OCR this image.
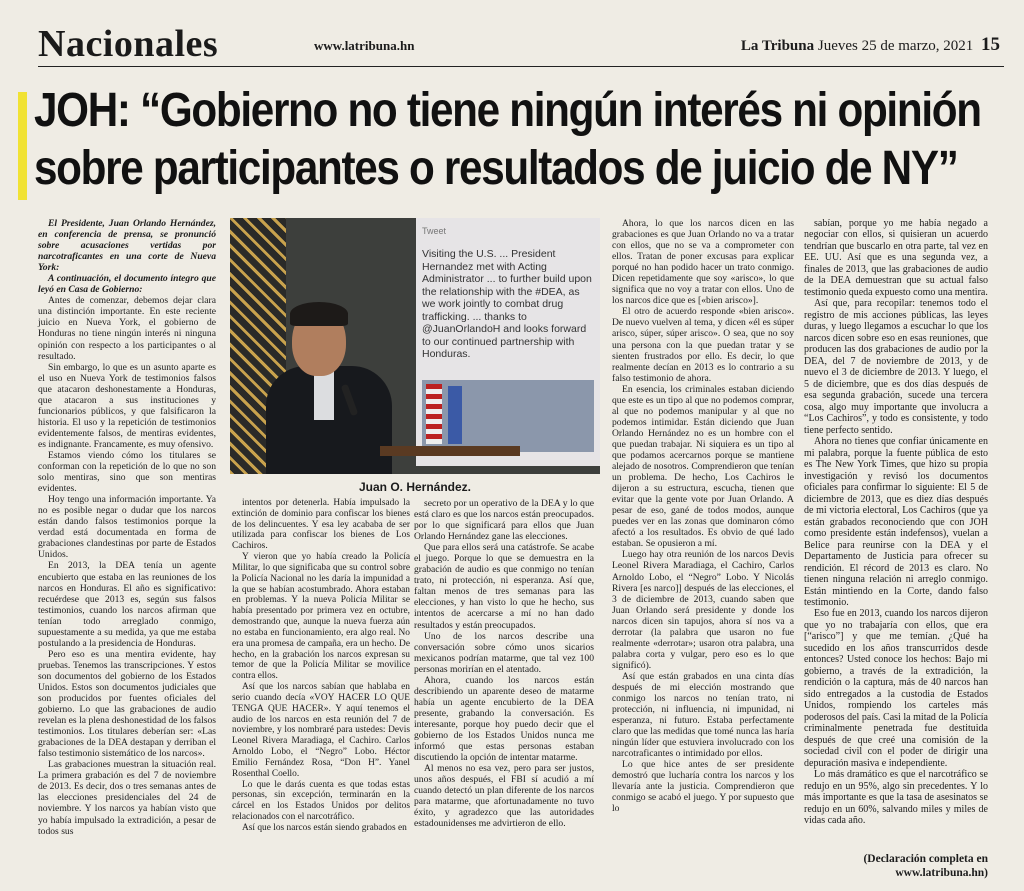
Nacionales	www.latribuna.hn	La Tribuna Jueves 25 de marzo, 2021 15
JOH: “Gobierno no tiene ningún interés ni opinión
sobre participantes o resultados de juicio de NY”

El Presidente, Juan Orlando Hernández, en conferencia de prensa, se pronunció sobre acusaciones vertidas por narcotraficantes en una corte de Nueva York:

A continuación, el documento íntegro que leyó en Casa de Gobierno:

Antes de comenzar, debemos dejar clara una distinción importante. En este reciente juicio en Nueva York, el gobierno de Honduras no tiene ningún interés ni ninguna opinión con respecto a los participantes o al resultado.

Sin embargo, lo que es un asunto aparte es el uso en Nueva York de testimonios falsos que atacaron deshonestamente a Honduras, que atacaron a sus instituciones y funcionarios públicos, y que falsificaron la historia. El uso y la repetición de testimonios evidentemente falsos, de mentiras evidentes, es indignante. Francamente, es muy ofensivo.

Estamos viendo cómo los titulares se conforman con la repetición de lo que no son solo mentiras, sino que son mentiras evidentes.

Hoy tengo una información importante. Ya no es posible negar o dudar que los narcos están dando falsos testimonios porque la verdad está documentada en forma de grabaciones clandestinas por parte de Estados Unidos.

En 2013, la DEA tenía un agente encubierto que estaba en las reuniones de los narcos en Honduras. El año es significativo: recuérdese que 2013 es, según sus falsos testimonios, cuando los narcos afirman que tenían todo arreglado conmigo, supuestamente a su medida, ya que me estaba postulando a la presidencia de Honduras.

Pero eso es una mentira evidente, hay pruebas. Tenemos las transcripciones. Y estos son documentos del gobierno de los Estados Unidos. Estos son documentos judiciales que son producidos por fuentes oficiales del gobierno. Lo que las grabaciones de audio revelan es la plena deshonestidad de los falsos testimonios. Los titulares deberían ser: «Las grabaciones de la DEA destapan y derriban el falso testimonio sistemático de los narcos».

Las grabaciones muestran la situación real. La primera grabación es del 7 de noviembre de 2013. Es decir, dos o tres semanas antes de las elecciones presidenciales del 24 de noviembre. Y los narcos ya habían visto que yo había impulsado la extradición, a pesar de todos sus

Tweet
Visiting the U.S. ... President Hernandez met with Acting Administrator ... to further build upon the relationship with the #DEA, as we work jointly to combat drug trafficking. ... thanks to @JuanOrlandoH and looks forward to our continued partnership with Honduras.
Juan O. Hernández.

intentos por detenerla. Había impulsado la extinción de dominio para confiscar los bienes de los delincuentes. Y esa ley acababa de ser utilizada para confiscar los bienes de Los Cachiros.

Y vieron que yo había creado la Policía Militar, lo que significaba que su control sobre la Policía Nacional no les daría la impunidad a la que se habían acostumbrado. Ahora estaban en problemas. Y la nueva Policía Militar se había presentado por primera vez en octubre, demostrando que, aunque la nueva fuerza aún no estaba en funcionamiento, era algo real. No era una promesa de campaña, era un hecho. De hecho, en la grabación los narcos expresan su temor de que la Policía Militar se movilice contra ellos.

Así que los narcos sabían que hablaba en serio cuando decía «VOY HACER LO QUE TENGA QUE HACER». Y aquí tenemos el audio de los narcos en esta reunión del 7 de noviembre, y los nombraré para ustedes: Devis Leonel Rivera Maradiaga, el Cachiro. Carlos Arnoldo Lobo, el “Negro” Lobo. Héctor Emilio Fernández Rosa, “Don H”. Yanel Rosenthal Coello.

Lo que le darás cuenta es que todas estas personas, sin excepción, terminarán en la cárcel en los Estados Unidos por delitos relacionados con el narcotráfico.

Así que los narcos están siendo grabados en

secreto por un operativo de la DEA y lo que está claro es que los narcos están preocupados. por lo que significará para ellos que Juan Orlando Hernández gane las elecciones.

Que para ellos será una catástrofe. Se acabe el juego. Porque lo que se demuestra en la grabación de audio es que conmigo no tenían trato, ni protección, ni esperanza. Así que, faltan menos de tres semanas para las elecciones, y han visto lo que he hecho, sus intentos de acercarse a mí no han dado resultados y están preocupados.

Uno de los narcos describe una conversación sobre cómo unos sicarios mexicanos podrían matarme, que tal vez 100 personas morirían en el atentado.

Ahora, cuando los narcos están describiendo un aparente deseo de matarme había un agente encubierto de la DEA presente, grabando la conversación. Es interesante, porque hoy puedo decir que el gobierno de los Estados Unidos nunca me informó que estas personas estaban discutiendo la opción de intentar matarme.

Al menos no esa vez, pero para ser justos, unos años después, el FBI sí acudió a mí cuando detectó un plan diferente de los narcos para matarme, que afortunadamente no tuvo éxito, y agradezco que las autoridades estadounidenses me advirtieron de ello.

Ahora, lo que los narcos dicen en las grabaciones es que Juan Orlando no va a tratar con ellos, que no se va a comprometer con ellos. Tratan de poner excusas para explicar porqué no han podido hacer un trato conmigo. Dicen repetidamente que soy «arisco», lo que significa que no voy a tratar con ellos. Uno de los narcos dice que es [«bien arisco»].

El otro de acuerdo responde «bien arisco». De nuevo vuelven al tema, y dicen «él es súper arisco, súper, súper arisco». O sea, que no soy una persona con la que puedan tratar y se sienten frustrados por ello. Es decir, lo que realmente decían en 2013 es lo contrario a su falso testimonio de ahora.

En esencia, los criminales estaban diciendo que este es un tipo al que no podemos comprar, al que no podemos manipular y al que no podemos intimidar. Están diciendo que Juan Orlando Hernández no es un hombre con el que puedan trabajar. Ni siquiera es un tipo al que podamos acercarnos porque se mantiene alejado de nosotros. Comprendieron que tenían un problema. De hecho, Los Cachiros le dijeron a su estructura, escucha, tienen que evitar que la gente vote por Juan Orlando. A pesar de eso, gané de todos modos, aunque puedes ver en las zonas que dominaron cómo afectó a los resultados. Es obvio de qué lado estaban. Se opusieron a mí.

Luego hay otra reunión de los narcos Devis Leonel Rivera Maradiaga, el Cachiro, Carlos Arnoldo Lobo, el “Negro” Lobo. Y Nicolás Rivera [es narco]] después de las elecciones, el 3 de diciembre de 2013, cuando saben que Juan Orlando será presidente y donde los narcos dicen sin tapujos, ahora sí nos va a derrotar (la palabra que usaron no fue realmente «derrotar»; usaron otra palabra, una palabra corta y vulgar, pero eso es lo que significó).

Así que están grabados en una cinta días después de mi elección mostrando que conmigo los narcos no tenían trato, ni protección, ni influencia, ni impunidad, ni esperanza, ni futuro. Estaba perfectamente claro que las medidas que tomé nunca las haría ningún líder que estuviera involucrado con los narcotraficantes o intimidado por ellos.

Lo que hice antes de ser presidente demostró que lucharía contra los narcos y los llevaría ante la justicia. Comprendieron que conmigo se acabó el juego. Y por supuesto que lo

sabían, porque yo me había negado a negociar con ellos, si quisieran un acuerdo tendrían que buscarlo en otra parte, tal vez en EE. UU. Así que es una segunda vez, a finales de 2013, que las grabaciones de audio de la DEA demuestran que su actual falso testimonio queda expuesto como una mentira.

Así que, para recopilar: tenemos todo el registro de mis acciones públicas, las leyes duras, y luego llegamos a escuchar lo que los narcos dicen sobre eso en esas reuniones, que producen las dos grabaciones de audio por la DEA, del 7 de noviembre de 2013, y de nuevo el 3 de diciembre de 2013. Y luego, el 5 de diciembre, que es dos días después de esa segunda grabación, sucede una tercera cosa, algo muy importante que involucra a “Los Cachiros”, y todo es consistente, y todo tiene perfecto sentido.

Ahora no tienes que confiar únicamente en mi palabra, porque la fuente pública de esto es The New York Times, que hizo su propia investigación y revisó los documentos oficiales para confirmar lo siguiente: El 5 de diciembre de 2013, que es diez días después de mi victoria electoral, Los Cachiros (que ya están grabados reconociendo que con JOH como presidente están indefensos), vuelan a Belice para reunirse con la DEA y el Departamento de Justicia para ofrecer su rendición. El récord de 2013 es claro. No tienen ninguna relación ni arreglo conmigo. Están mintiendo en la Corte, dando falso testimonio.

Eso fue en 2013, cuando los narcos dijeron que yo no trabajaría con ellos, que era [“arisco”] y que me temían. ¿Qué ha sucedido en los años transcurridos desde entonces? Usted conoce los hechos: Bajo mi gobierno, a través de la extradición, la rendición o la captura, más de 40 narcos han sido entregados a la custodia de Estados Unidos, rompiendo los carteles más poderosos del país. Casi la mitad de la Policía criminalmente penetrada fue destituida después de que creé una comisión de la sociedad civil con el poder de dirigir una depuración masiva e independiente.

Lo más dramático es que el narcotráfico se redujo en un 95%, algo sin precedentes. Y lo más importante es que la tasa de asesinatos se redujo en un 60%, salvando miles y miles de vidas cada año.

(Declaración completa en
www.latribuna.hn)
